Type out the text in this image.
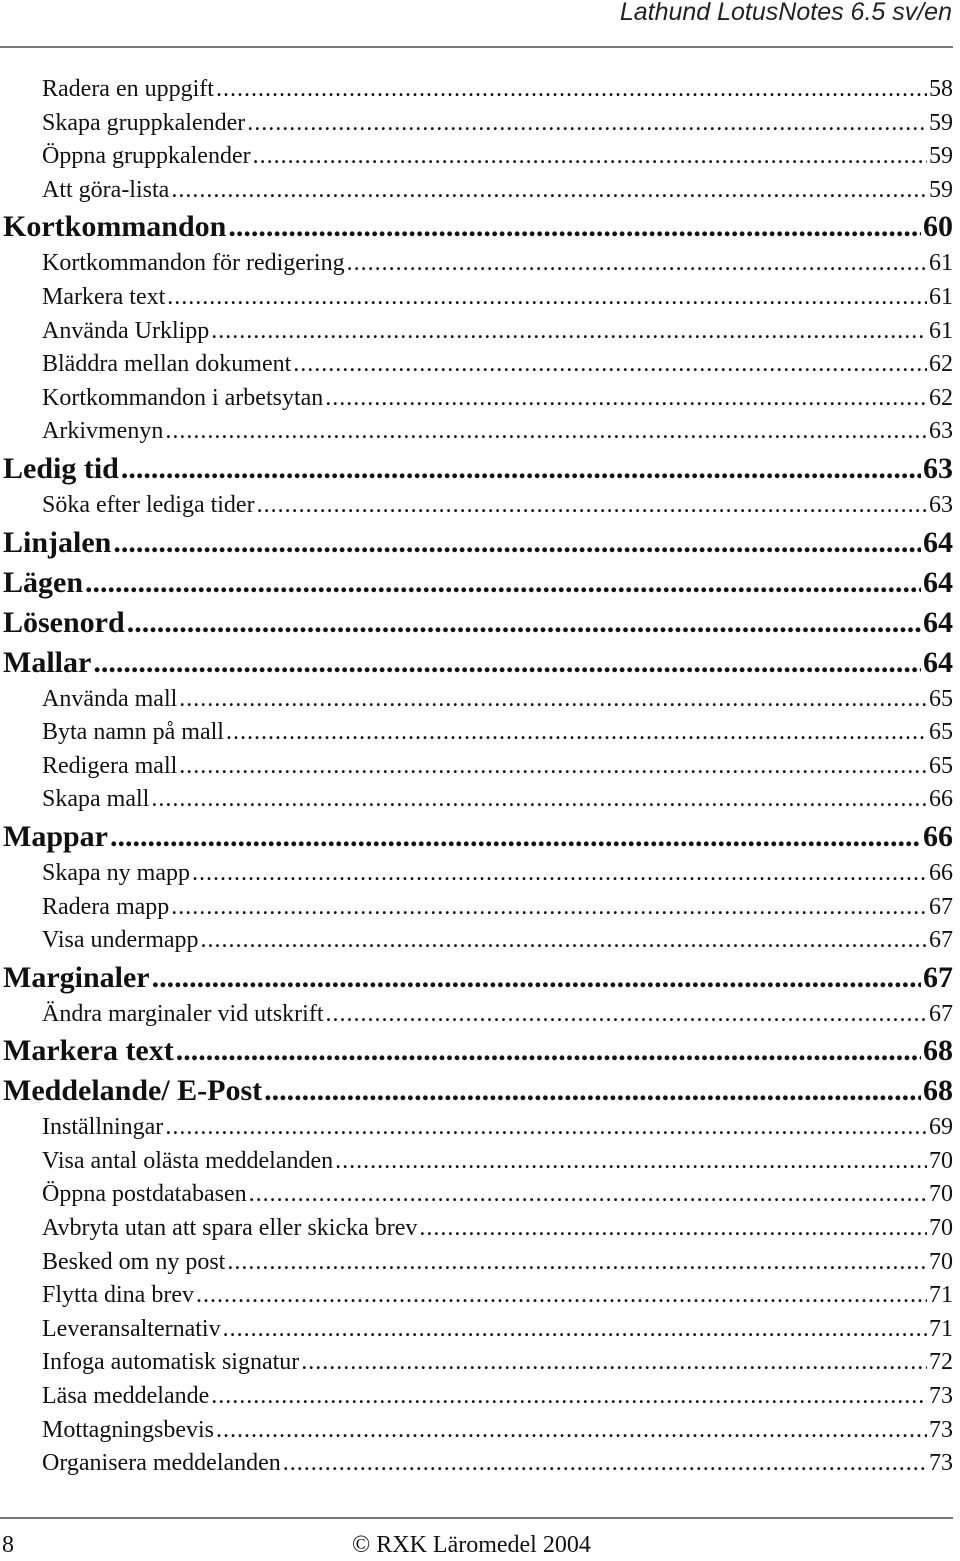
Lathund LotusNotes 6.5 sv/en
Radera en uppgift .....	58
Skapa gruppkalender .....	59
Öppna gruppkalender .....	59
Att göra-lista .....	59
Kortkommandon .....	60
Kortkommandon för redigering .....	61
Markera text .....	61
Använda Urklipp .....	61
Bläddra mellan dokument .....	62
Kortkommandon i arbetsytan .....	62
Arkivmenyn .....	63
Ledig tid .....	63
Söka efter lediga tider .....	63
Linjalen .....	64
Lägen .....	64
Lösenord .....	64
Mallar .....	64
Använda mall .....	65
Byta namn på mall .....	65
Redigera mall .....	65
Skapa mall .....	66
Mappar .....	66
Skapa ny mapp .....	66
Radera mapp .....	67
Visa undermapp .....	67
Marginaler .....	67
Ändra marginaler vid utskrift .....	67
Markera text .....	68
Meddelande/ E-Post .....	68
Inställningar .....	69
Visa antal olästa meddelanden .....	70
Öppna postdatabasen .....	70
Avbryta utan att spara eller skicka brev .....	70
Besked om ny post .....	70
Flytta dina brev .....	71
Leveransalternativ .....	71
Infoga automatisk signatur .....	72
Läsa meddelande .....	73
Mottagningsbevis .....	73
Organisera meddelanden .....	73
8	© RXK Läromedel 2004
